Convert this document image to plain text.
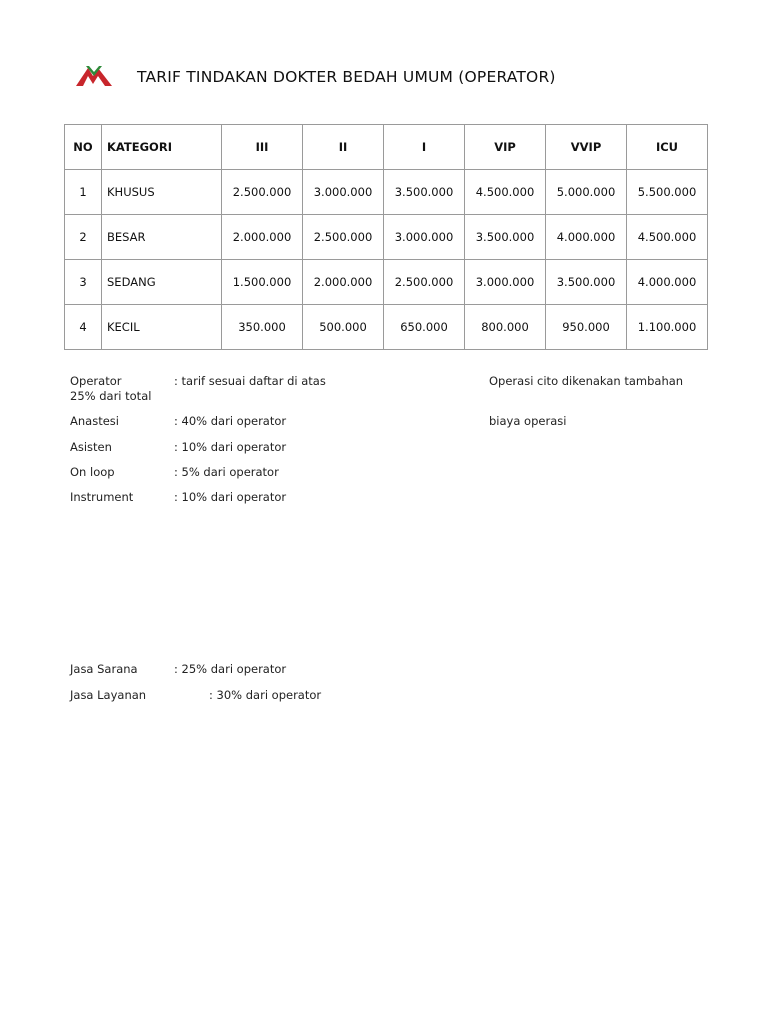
TARIF TINDAKAN DOKTER BEDAH UMUM (OPERATOR)
NO	KATEGORI	III	II	I	VIP	VVIP	ICU
1	KHUSUS	2.500.000	3.000.000	3.500.000	4.500.000	5.000.000	5.500.000
2	BESAR	2.000.000	2.500.000	3.000.000	3.500.000	4.000.000	4.500.000
3	SEDANG	1.500.000	2.000.000	2.500.000	3.000.000	3.500.000	4.000.000
4	KECIL	350.000	500.000	650.000	800.000	950.000	1.100.000
Operator	: tarif sesuai daftar di atas	Operasi cito dikenakan tambahan
25% dari total
Anastesi	: 40% dari operator	biaya operasi
Asisten	: 10% dari operator
On loop	: 5% dari operator
Instrument	: 10% dari operator
Jasa Sarana	: 25% dari operator
Jasa Layanan	: 30% dari operator
